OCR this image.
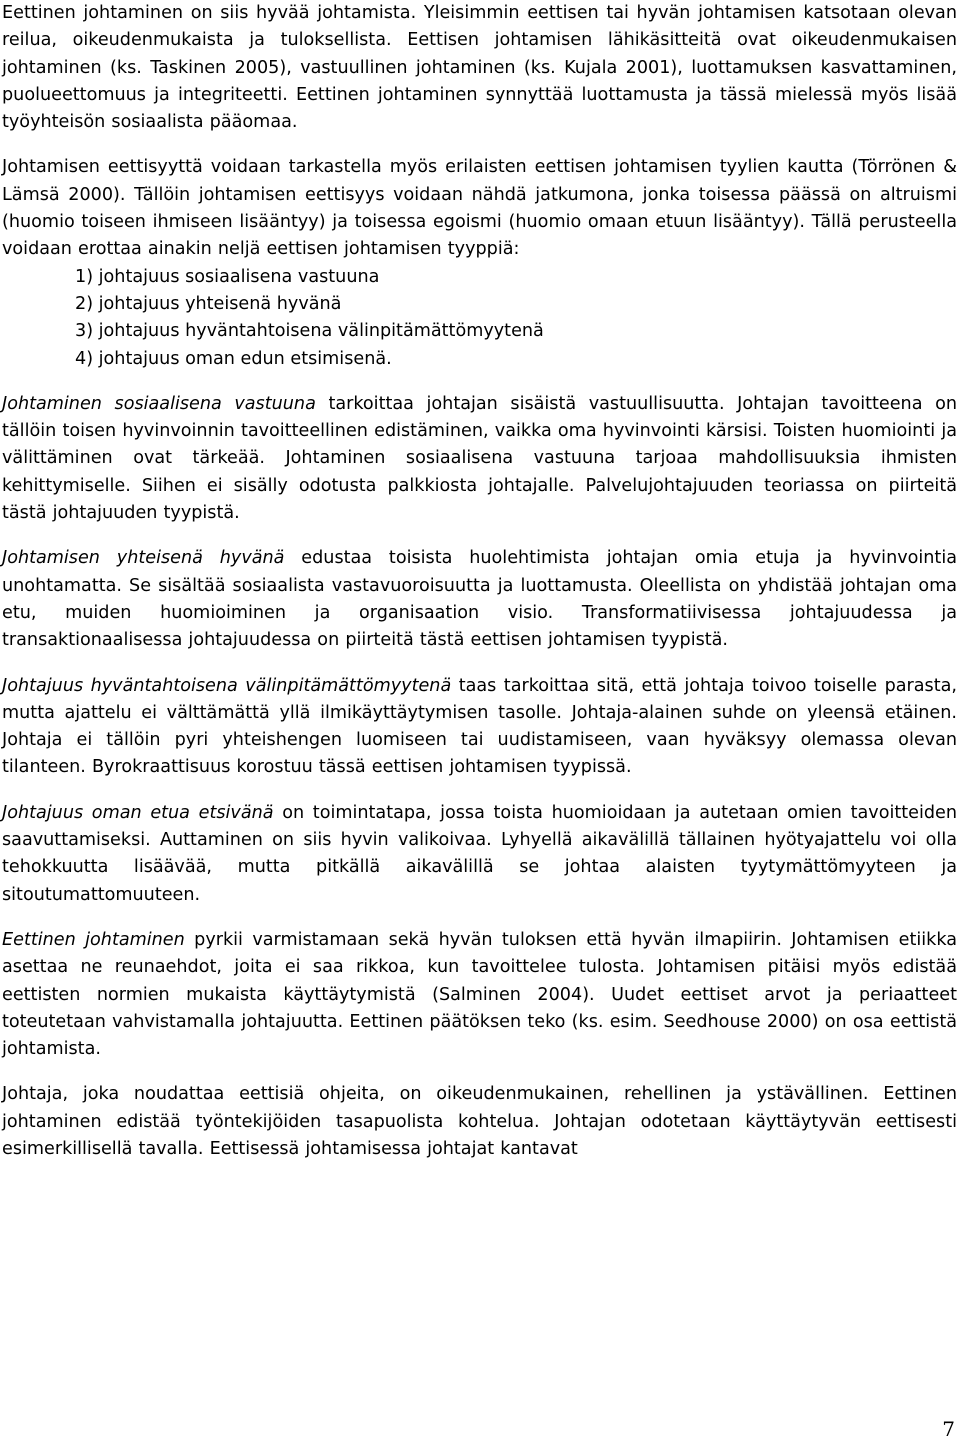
Eettinen johtaminen on siis hyvää johtamista. Yleisimmin eettisen tai hyvän johtamisen katsotaan olevan reilua, oikeudenmukaista ja tuloksellista. Eettisen johtamisen lähikäsitteitä ovat oikeudenmukaisen johtaminen (ks. Taskinen 2005), vastuullinen johtaminen (ks. Kujala 2001), luottamuksen kasvattaminen, puolueettomuus ja integriteetti. Eettinen johtaminen synnyttää luottamusta ja tässä mielessä myös lisää työyhteisön sosiaalista pääomaa.

Johtamisen eettisyyttä voidaan tarkastella myös erilaisten eettisen johtamisen tyylien kautta (Törrönen & Lämsä 2000). Tällöin johtamisen eettisyys voidaan nähdä jatkumona, jonka toisessa päässä on altruismi (huomio toiseen ihmiseen lisääntyy) ja toisessa egoismi (huomio omaan etuun lisääntyy). Tällä perusteella voidaan erottaa ainakin neljä eettisen johtamisen tyyppiä:

1) johtajuus sosiaalisena vastuuna
2) johtajuus yhteisenä hyvänä
3) johtajuus hyväntahtoisena välinpitämättömyytenä
4) johtajuus oman edun etsimisenä.

Johtaminen sosiaalisena vastuuna tarkoittaa johtajan sisäistä vastuullisuutta. Johtajan tavoitteena on tällöin toisen hyvinvoinnin tavoitteellinen edistäminen, vaikka oma hyvinvointi kärsisi. Toisten huomiointi ja välittäminen ovat tärkeää. Johtaminen sosiaalisena vastuuna tarjoaa mahdollisuuksia ihmisten kehittymiselle. Siihen ei sisälly odotusta palkkiosta johtajalle. Palvelujohtajuuden teoriassa on piirteitä tästä johtajuuden tyypistä.

Johtamisen yhteisenä hyvänä edustaa toisista huolehtimista johtajan omia etuja ja hyvinvointia unohtamatta. Se sisältää sosiaalista vastavuoroisuutta ja luottamusta. Oleellista on yhdistää johtajan oma etu, muiden huomioiminen ja organisaation visio. Transformatiivisessa johtajuudessa ja transaktionaalisessa johtajuudessa on piirteitä tästä eettisen johtamisen tyypistä.

Johtajuus hyväntahtoisena välinpitämättömyytenä taas tarkoittaa sitä, että johtaja toivoo toiselle parasta, mutta ajattelu ei välttämättä yllä ilmikäyttäytymisen tasolle. Johtaja-alainen suhde on yleensä etäinen. Johtaja ei tällöin pyri yhteishengen luomiseen tai uudistamiseen, vaan hyväksyy olemassa olevan tilanteen. Byrokraattisuus korostuu tässä eettisen johtamisen tyypissä.

Johtajuus oman etua etsivänä on toimintatapa, jossa toista huomioidaan ja autetaan omien tavoitteiden saavuttamiseksi. Auttaminen on siis hyvin valikoivaa. Lyhyellä aikavälillä tällainen hyötyajattelu voi olla tehokkuutta lisäävää, mutta pitkällä aikavälillä se johtaa alaisten tyytymättömyyteen ja sitoutumattomuuteen.

Eettinen johtaminen pyrkii varmistamaan sekä hyvän tuloksen että hyvän ilmapiirin. Johtamisen etiikka asettaa ne reunaehdot, joita ei saa rikkoa, kun tavoittelee tulosta. Johtamisen pitäisi myös edistää eettisten normien mukaista käyttäytymistä (Salminen 2004). Uudet eettiset arvot ja periaatteet toteutetaan vahvistamalla johtajuutta. Eettinen päätöksen teko (ks. esim. Seedhouse 2000) on osa eettistä johtamista.

Johtaja, joka noudattaa eettisiä ohjeita, on oikeudenmukainen, rehellinen ja ystävällinen. Eettinen johtaminen edistää työntekijöiden tasapuolista kohtelua. Johtajan odotetaan käyttäytyvän eettisesti esimerkillisellä tavalla. Eettisessä johtamisessa johtajat kantavat

7
